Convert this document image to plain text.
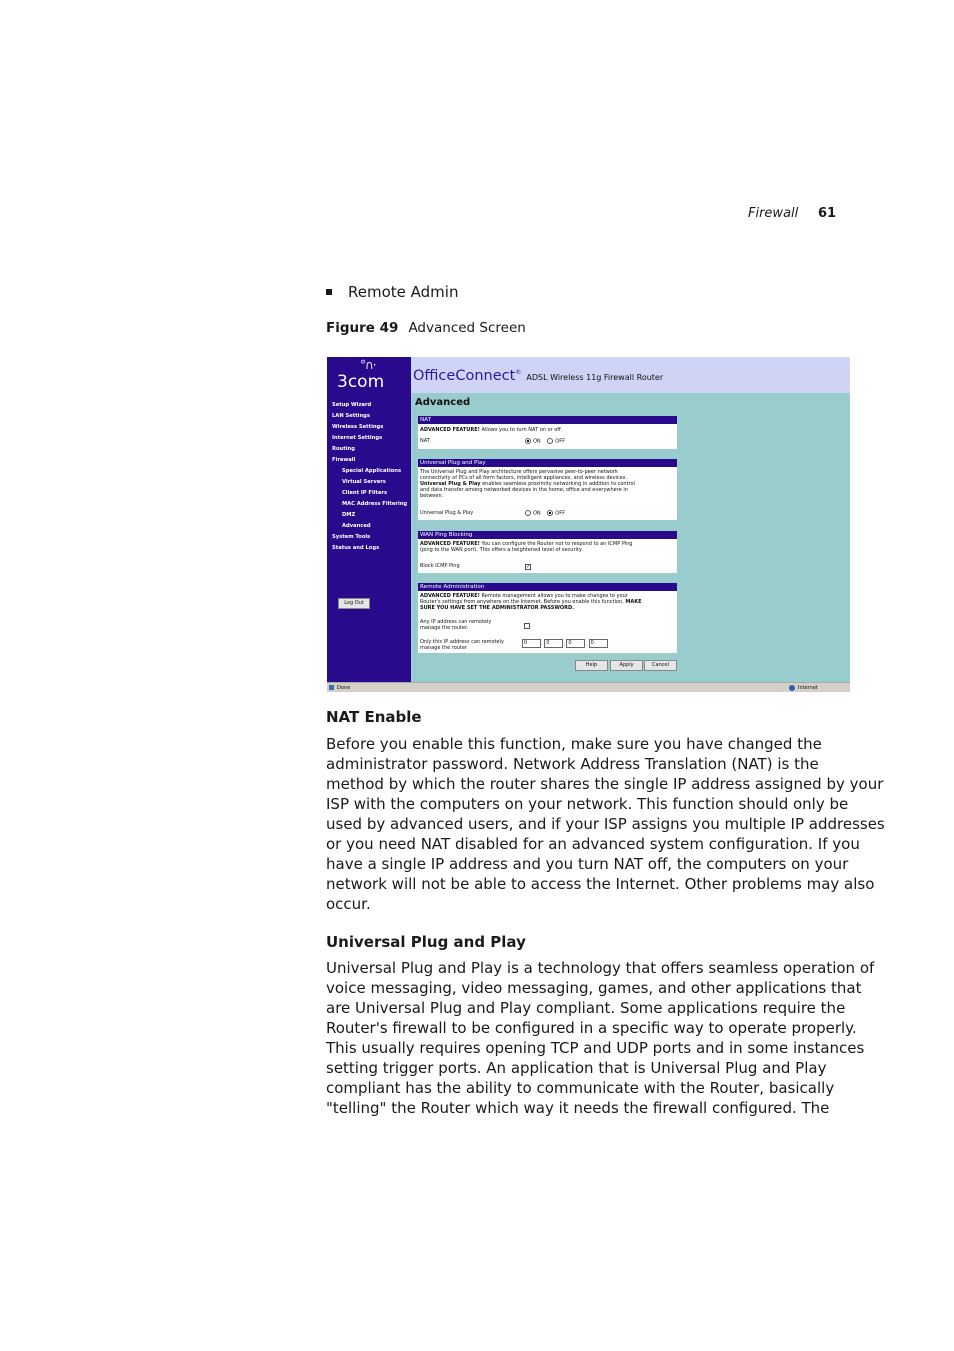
Firewall 61
Remote Admin
Figure 49 Advanced Screen
°∩·
3com OfficeConnect® ADSL Wireless 11g Firewall Router
Setup Wizard
LAN Settings
Wireless Settings
Internet Settings
Routing
Firewall
Special Applications
Virtual Servers
Client IP Filters
MAC Address Filtering
DMZ
Advanced
System Tools
Status and Logs
Log Out
Advanced
NAT
ADVANCED FEATURE! Allows you to turn NAT on or off.
NAT	ON	OFF
Universal Plug and Play
The Universal Plug and Play architecture offers pervasive peer-to-peer network
connectivity of PCs of all form factors, intelligent appliances, and wireless devices.
Universal Plug & Play enables seamless proximity networking in addition to control
and data transfer among networked devices in the home, office and everywhere in
between.
Universal Plug & Play	ON	OFF
WAN Ping Blocking
ADVANCED FEATURE! You can configure the Router not to respond to an ICMP Ping
(ping to the WAN port). This offers a heightened level of security.
Block ICMP Ping	✓
Remote Administration
ADVANCED FEATURE! Remote management allows you to make changes to your
Router's settings from anywhere on the Internet. Before you enable this function, MAKE
SURE YOU HAVE SET THE ADMINISTRATOR PASSWORD.
Any IP address can remotely
manage the router.
Only this IP address can remotely
manage the router
0	. 0	. 0	. 0
Help	Apply	Cancel
Done	Internet
NAT Enable
Before you enable this function, make sure you have changed the
administrator password. Network Address Translation (NAT) is the
method by which the router shares the single IP address assigned by your
ISP with the computers on your network. This function should only be
used by advanced users, and if your ISP assigns you multiple IP addresses
or you need NAT disabled for an advanced system configuration. If you
have a single IP address and you turn NAT off, the computers on your
network will not be able to access the Internet. Other problems may also
occur.
Universal Plug and Play
Universal Plug and Play is a technology that offers seamless operation of
voice messaging, video messaging, games, and other applications that
are Universal Plug and Play compliant. Some applications require the
Router's firewall to be configured in a specific way to operate properly.
This usually requires opening TCP and UDP ports and in some instances
setting trigger ports. An application that is Universal Plug and Play
compliant has the ability to communicate with the Router, basically
"telling" the Router which way it needs the firewall configured. The
